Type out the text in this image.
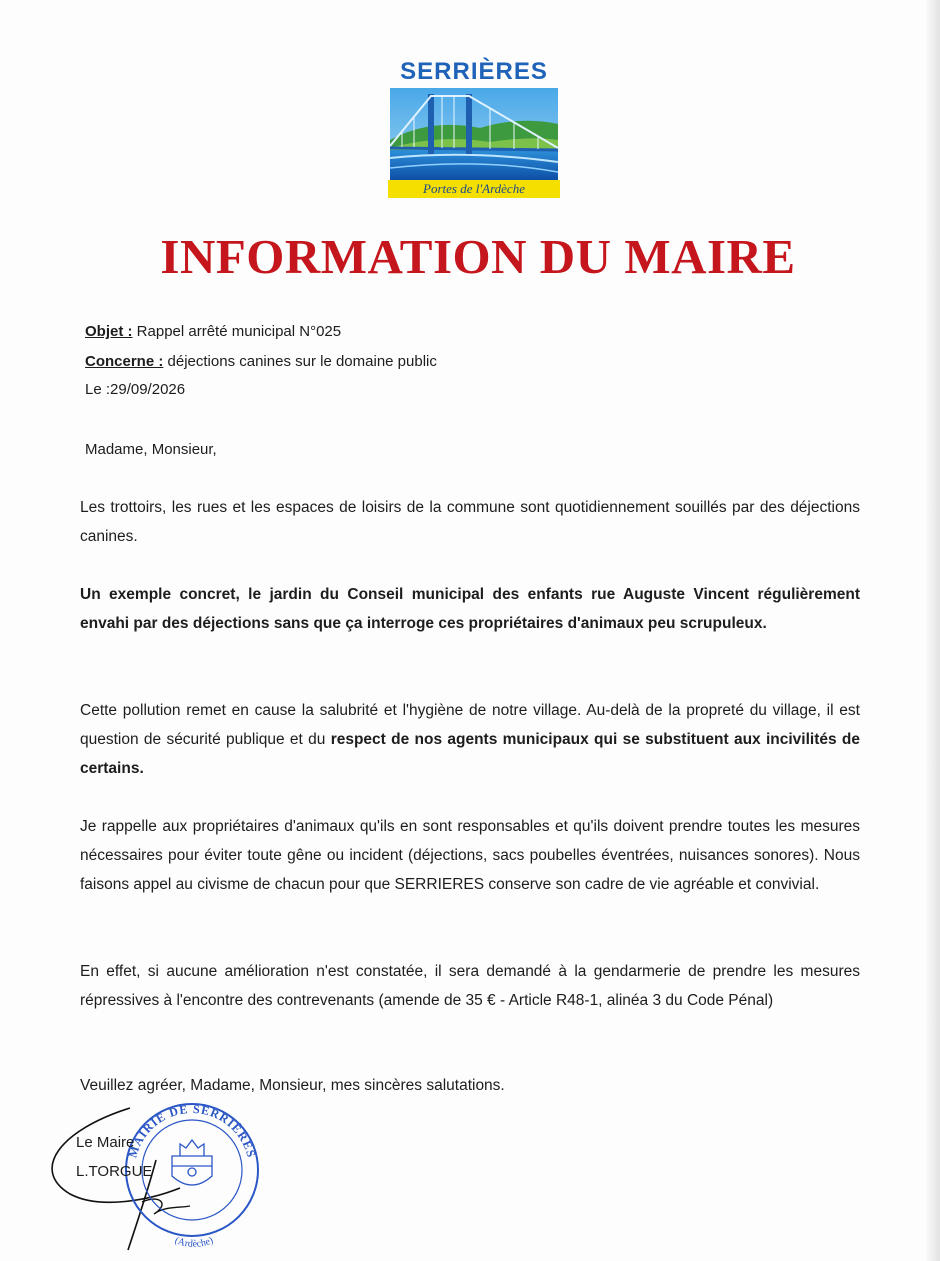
SERRIÈRES
Portes de l'Ardèche
INFORMATION DU MAIRE
Objet : Rappel arrêté municipal N°025
Concerne : déjections canines sur le domaine public
Le :29/09/2026
Madame, Monsieur,
Les trottoirs, les rues et les espaces de loisirs de la commune sont quotidiennement souillés par des déjections canines.
Un exemple concret, le jardin du Conseil municipal des enfants rue Auguste Vincent régulièrement envahi par des déjections sans que ça interroge ces propriétaires d'animaux peu scrupuleux.
Cette pollution remet en cause la salubrité et l'hygiène de notre village. Au-delà de la propreté du village, il est question de sécurité publique et du respect de nos agents municipaux qui se substituent aux incivilités de certains.
Je rappelle aux propriétaires d'animaux qu'ils en sont responsables et qu'ils doivent prendre toutes les mesures nécessaires pour éviter toute gêne ou incident (déjections, sacs poubelles éventrées, nuisances sonores). Nous faisons appel au civisme de chacun pour que SERRIERES conserve son cadre de vie agréable et convivial.
En effet, si aucune amélioration n'est constatée, il sera demandé à la gendarmerie de prendre les mesures répressives à l'encontre des contrevenants (amende de 35 € - Article R48-1, alinéa 3 du Code Pénal)
Veuillez agréer, Madame, Monsieur, mes sincères salutations.
MAIRIE DE SERRIÈRES
(Ardèche)
Le Maire
L.TORGUE
